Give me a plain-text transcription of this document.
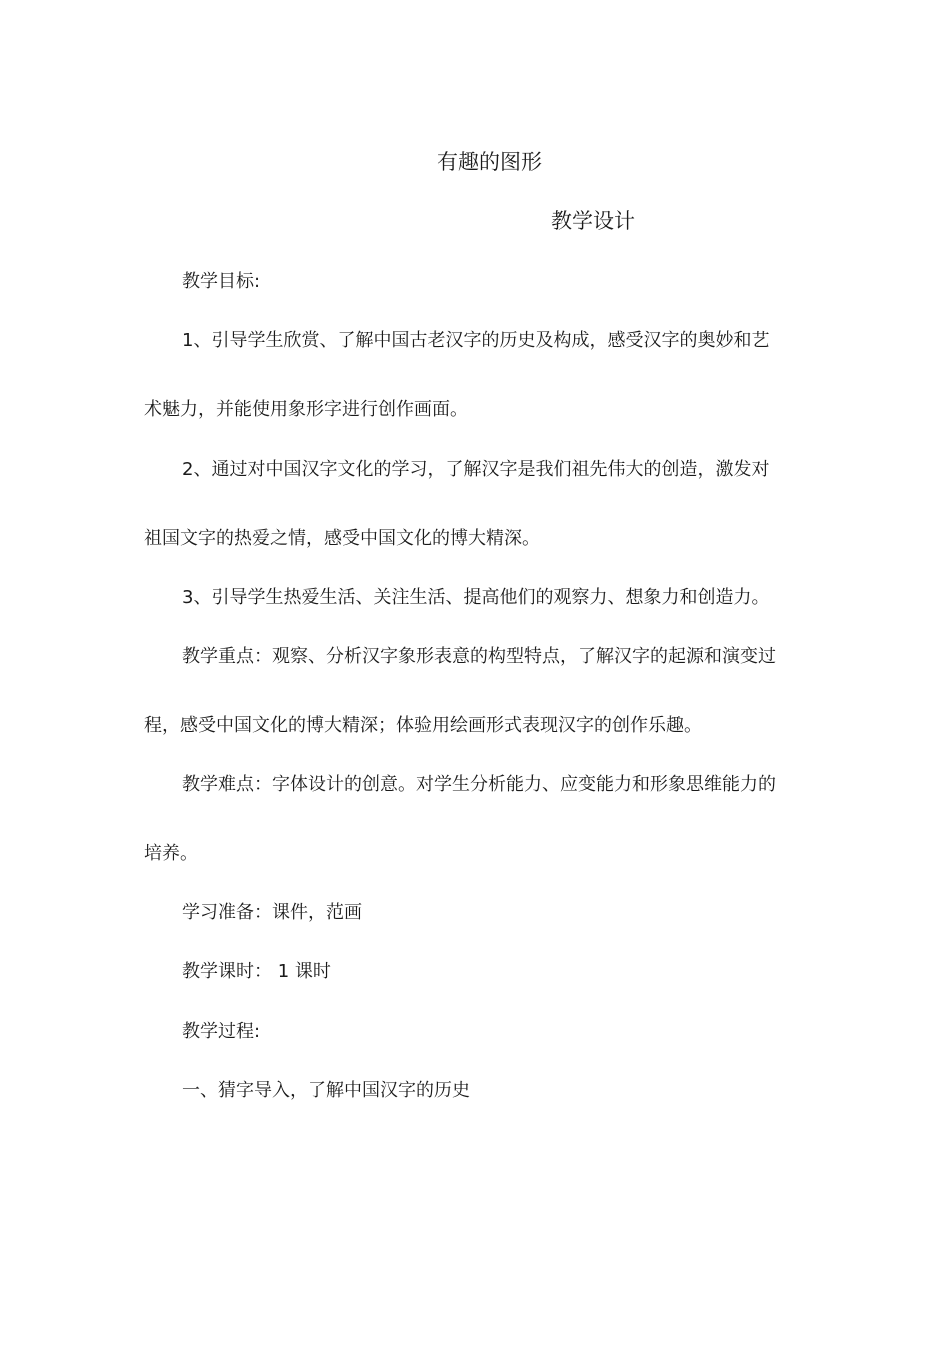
有趣的图形
教学设计
教学目标:
1、引导学生欣赏、了解中国古老汉字的历史及构成，感受汉字的奥妙和艺
术魅力，并能使用象形字进行创作画面。
2、通过对中国汉字文化的学习，了解汉字是我们祖先伟大的创造，激发对
祖国文字的热爱之情，感受中国文化的博大精深。
3、引导学生热爱生活、关注生活、提高他们的观察力、想象力和创造力。
教学重点：观察、分析汉字象形表意的构型特点，了解汉字的起源和演变过
程，感受中国文化的博大精深；体验用绘画形式表现汉字的创作乐趣。
教学难点：字体设计的创意。对学生分析能力、应变能力和形象思维能力的
培养。
学习准备：课件，范画
教学课时： 1 课时
教学过程:
一、猜字导入，了解中国汉字的历史
